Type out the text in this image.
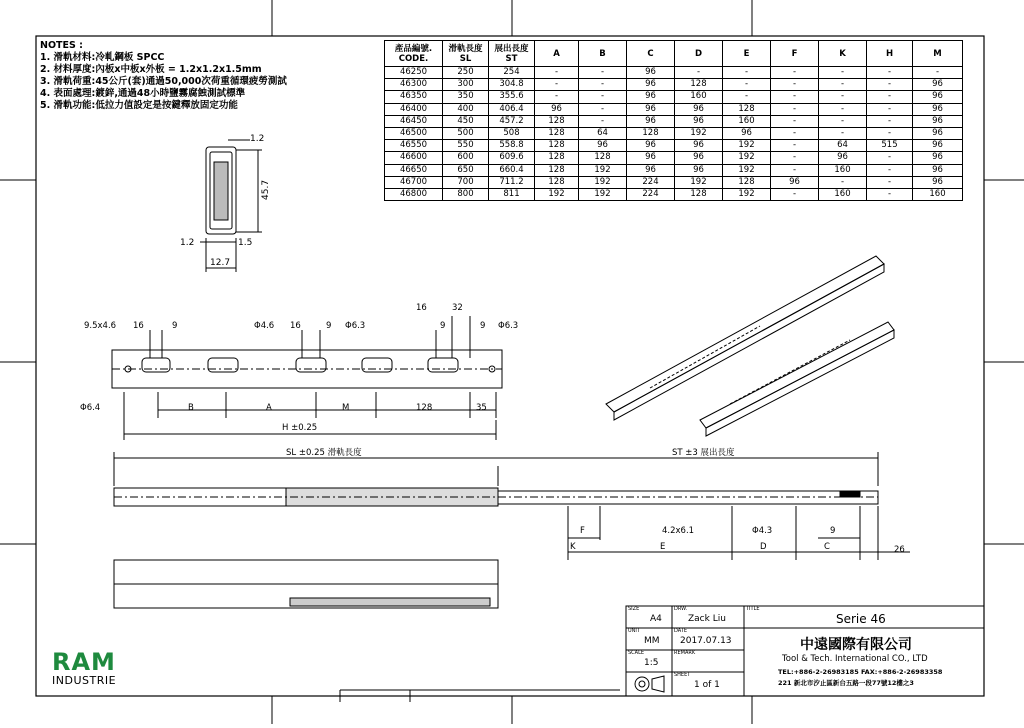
1.2
45.7
1.2	1.5
12.7
9.5x4.6 16	9	Φ4.6 16	9 Φ6.3
16	32
9	9 Φ6.3
Φ6.4	B	A	M	128	35
H ±0.25
SL ±0.25 滑軌長度	ST ±3 展出長度
F
K	E	D	C
4.2x6.1	Φ4.3	9
26
NOTES :
1. 滑軌材料:冷軋鋼板 SPCC
2. 材料厚度:內板x中板x外板 = 1.2x1.2x1.5mm
3. 滑軌荷重:45公斤(套)通過50,000次荷重循環疲勞測試
4. 表面處理:鍍鋅,通過48小時鹽霧腐蝕測試標準
5. 滑軌功能:低拉力值設定是按鍵釋放固定功能
產品編號. CODE.	滑軌長度 SL	展出長度 ST	A	B	C	D	E	F	K	H	M
46250	250	254	-	-	96	-	-	-	-	-	-
46300	300	304.8	-	-	96	128	-	-	-	-	96
46350	350	355.6	-	-	96	160	-	-	-	-	96
46400	400	406.4	96	-	96	96	128	-	-	-	96
46450	450	457.2	128	-	96	96	160	-	-	-	96
46500	500	508	128	64	128	192	96	-	-	-	96
46550	550	558.8	128	96	96	96	192	-	64	515	96
46600	600	609.6	128	128	96	96	192	-	96	-	96
46650	650	660.4	128	192	96	96	192	-	160	-	96
46700	700	711.2	128	192	224	192	128	96	-	-	96
46800	800	811	192	192	224	128	192	-	160	-	160
SIZE
A4
DRW.
Zack Liu
UNIT
MM
DATE
2017.07.13
SCALE
1:5
REMARK
SHEET
1 of 1
TITLE
Serie 46
中遠國際有限公司
Tool & Tech. International CO., LTD
TEL:+886-2-26983185 FAX:+886-2-26983358
221 新北市汐止區新台五路一段77號12樓之3
RAM
INDUSTRIE
